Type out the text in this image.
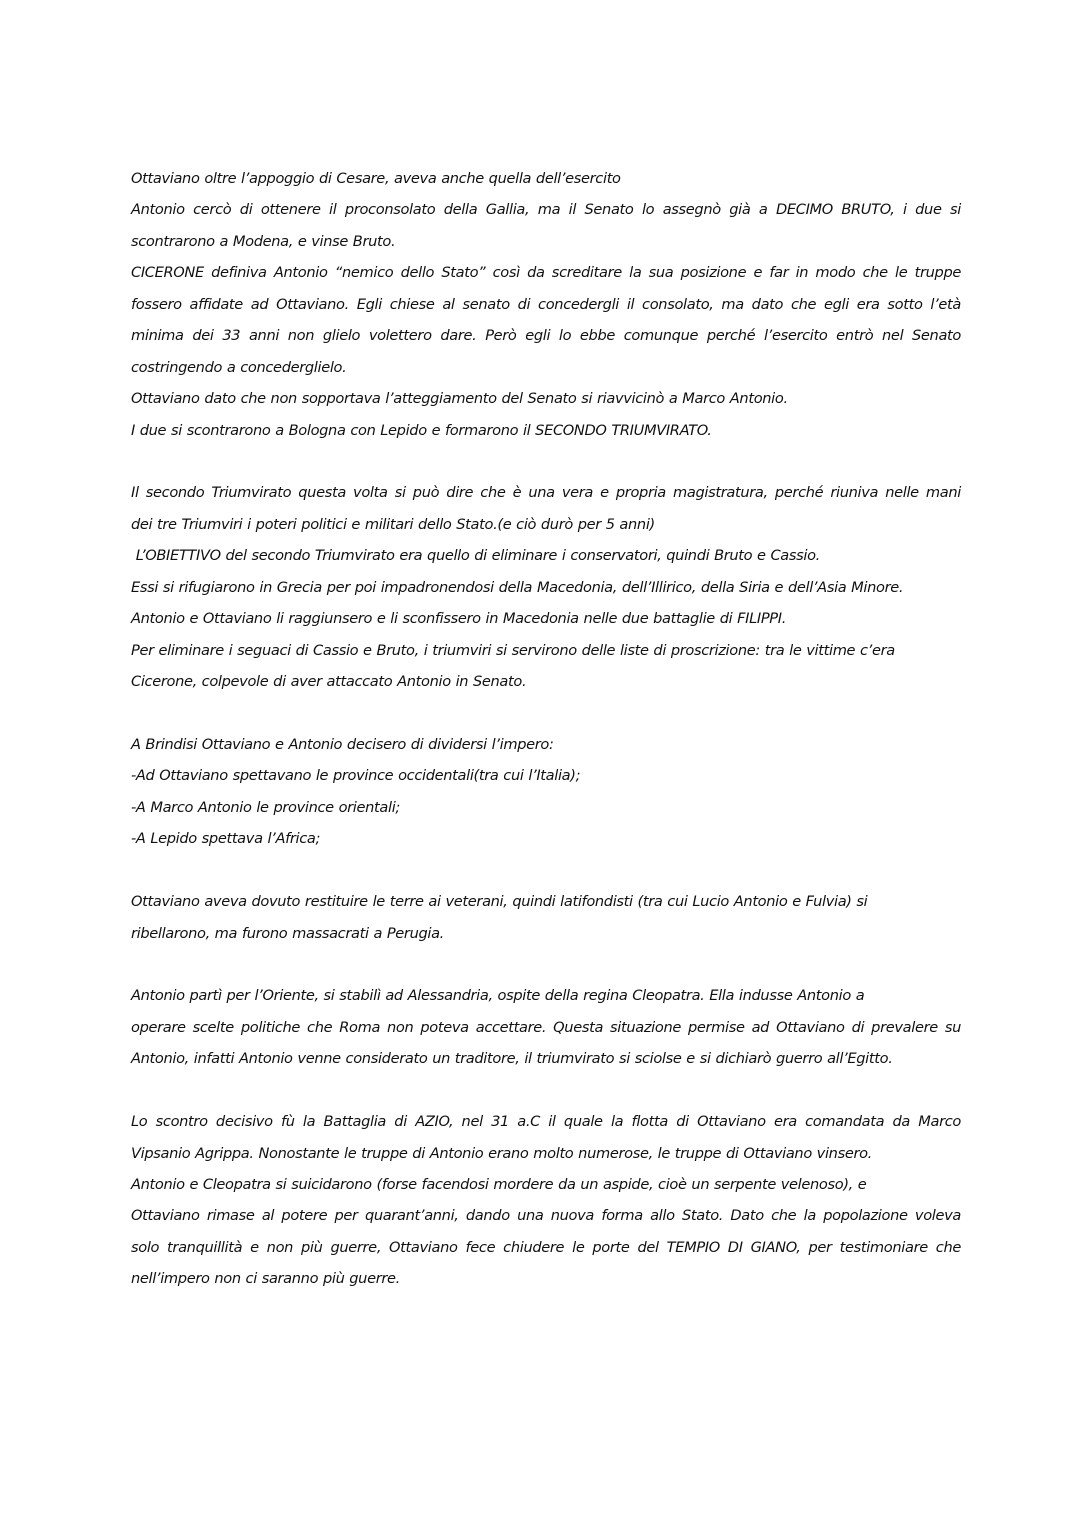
Ottaviano oltre l’appoggio di Cesare, aveva anche quella dell’esercito
Antonio cercò di ottenere il proconsolato della Gallia, ma il Senato lo assegnò già a DECIMO BRUTO, i due si
scontrarono a Modena, e vinse Bruto.
CICERONE definiva Antonio “nemico dello Stato” così da screditare la sua posizione e far in modo che le truppe
fossero affidate ad Ottaviano. Egli chiese al senato di concedergli il consolato, ma dato che egli era sotto l’età
minima dei 33 anni non glielo volettero dare. Però egli lo ebbe comunque perché l’esercito entrò nel Senato
costringendo a concederglielo.
Ottaviano dato che non sopportava l’atteggiamento del Senato si riavvicinò a Marco Antonio.
I due si scontrarono a Bologna con Lepido e formarono il SECONDO TRIUMVIRATO.
Il secondo Triumvirato questa volta si può dire che è una vera e propria magistratura, perché riuniva nelle mani
dei tre Triumviri i poteri politici e militari dello Stato.(e ciò durò per 5 anni)
L’OBIETTIVO del secondo Triumvirato era quello di eliminare i conservatori, quindi Bruto e Cassio.
Essi si rifugiarono in Grecia per poi impadronendosi della Macedonia, dell’Illirico, della Siria e dell’Asia Minore.
Antonio e Ottaviano li raggiunsero e li sconfissero in Macedonia nelle due battaglie di FILIPPI.
Per eliminare i seguaci di Cassio e Bruto, i triumviri si servirono delle liste di proscrizione: tra le vittime c’era
Cicerone, colpevole di aver attaccato Antonio in Senato.
A Brindisi Ottaviano e Antonio decisero di dividersi l’impero:
-Ad Ottaviano spettavano le province occidentali(tra cui l’Italia);
-A Marco Antonio le province orientali;
-A Lepido spettava l’Africa;
Ottaviano aveva dovuto restituire le terre ai veterani, quindi latifondisti (tra cui Lucio Antonio e Fulvia) si
ribellarono, ma furono massacrati a Perugia.
Antonio partì per l’Oriente, si stabilì ad Alessandria, ospite della regina Cleopatra. Ella indusse Antonio a
operare scelte politiche che Roma non poteva accettare. Questa situazione permise ad Ottaviano di prevalere su
Antonio, infatti Antonio venne considerato un traditore, il triumvirato si sciolse e si dichiarò guerro all’Egitto.
Lo scontro decisivo fù la Battaglia di AZIO, nel 31 a.C il quale la flotta di Ottaviano era comandata da Marco
Vipsanio Agrippa. Nonostante le truppe di Antonio erano molto numerose, le truppe di Ottaviano vinsero.
Antonio e Cleopatra si suicidarono (forse facendosi mordere da un aspide, cioè un serpente velenoso), e
Ottaviano rimase al potere per quarant’anni, dando una nuova forma allo Stato. Dato che la popolazione voleva
solo tranquillità e non più guerre, Ottaviano fece chiudere le porte del TEMPIO DI GIANO, per testimoniare che
nell’impero non ci saranno più guerre.
